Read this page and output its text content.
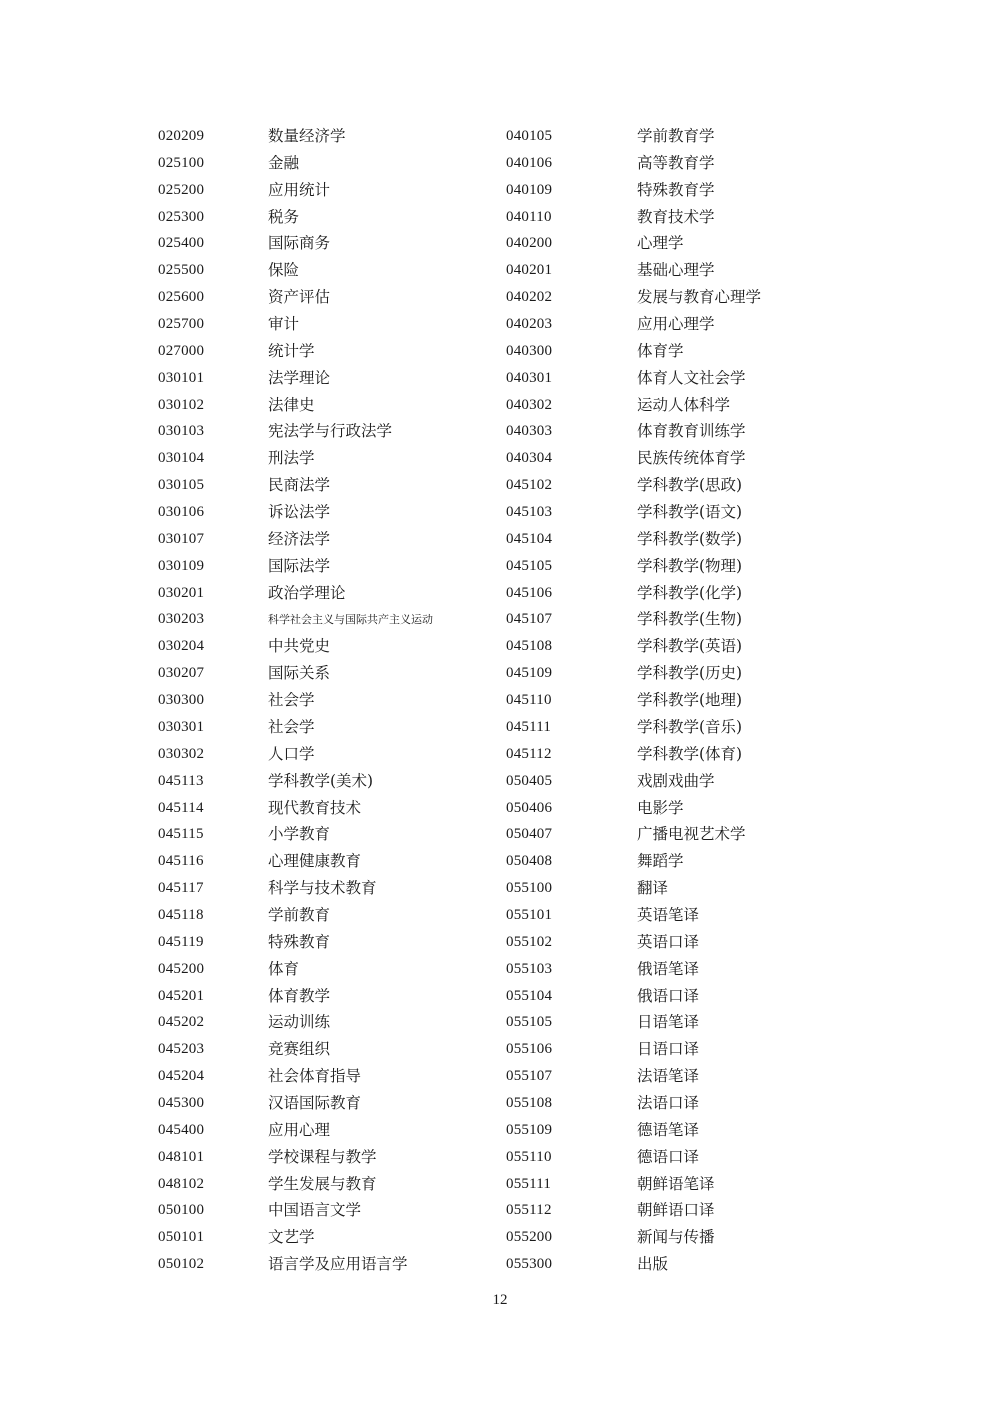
020209	数量经济学
025100	金融
025200	应用统计
025300	税务
025400	国际商务
025500	保险
025600	资产评估
025700	审计
027000	统计学
030101	法学理论
030102	法律史
030103	宪法学与行政法学
030104	刑法学
030105	民商法学
030106	诉讼法学
030107	经济法学
030109	国际法学
030201	政治学理论
030203	科学社会主义与国际共产主义运动
030204	中共党史
030207	国际关系
030300	社会学
030301	社会学
030302	人口学
045113	学科教学(美术)
045114	现代教育技术
045115	小学教育
045116	心理健康教育
045117	科学与技术教育
045118	学前教育
045119	特殊教育
045200	体育
045201	体育教学
045202	运动训练
045203	竞赛组织
045204	社会体育指导
045300	汉语国际教育
045400	应用心理
048101	学校课程与教学
048102	学生发展与教育
050100	中国语言文学
050101	文艺学
050102	语言学及应用语言学
040105	学前教育学
040106	高等教育学
040109	特殊教育学
040110	教育技术学
040200	心理学
040201	基础心理学
040202	发展与教育心理学
040203	应用心理学
040300	体育学
040301	体育人文社会学
040302	运动人体科学
040303	体育教育训练学
040304	民族传统体育学
045102	学科教学(思政)
045103	学科教学(语文)
045104	学科教学(数学)
045105	学科教学(物理)
045106	学科教学(化学)
045107	学科教学(生物)
045108	学科教学(英语)
045109	学科教学(历史)
045110	学科教学(地理)
045111	学科教学(音乐)
045112	学科教学(体育)
050405	戏剧戏曲学
050406	电影学
050407	广播电视艺术学
050408	舞蹈学
055100	翻译
055101	英语笔译
055102	英语口译
055103	俄语笔译
055104	俄语口译
055105	日语笔译
055106	日语口译
055107	法语笔译
055108	法语口译
055109	德语笔译
055110	德语口译
055111	朝鲜语笔译
055112	朝鲜语口译
055200	新闻与传播
055300	出版
12
